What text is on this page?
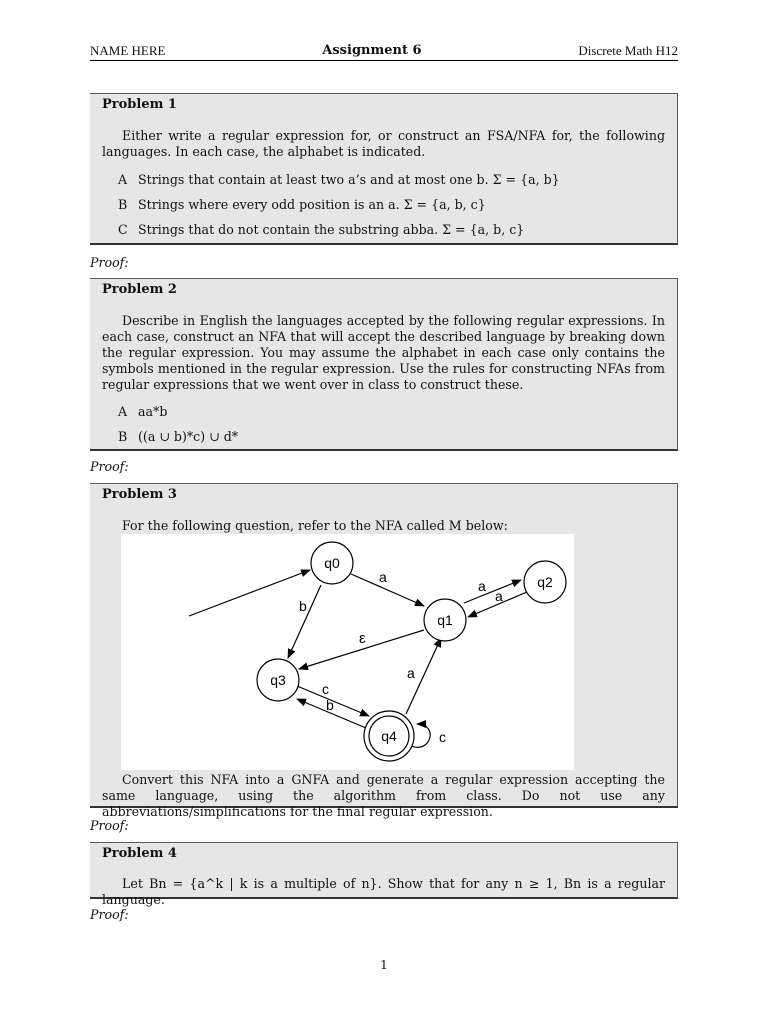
NAME HERE	Assignment 6	Discrete Math H12
Problem 1

Either write a regular expression for, or construct an FSA/NFA for, the following languages. In each case, the alphabet is indicated.

A Strings that contain at least two a’s and at most one b. Σ = {a, b}
B Strings where every odd position is an a. Σ = {a, b, c}
C Strings that do not contain the substring abba. Σ = {a, b, c}
Proof:
Problem 2

Describe in English the languages accepted by the following regular expressions. In each case, construct an NFA that will accept the described language by breaking down the regular expression. You may assume the alphabet in each case only contains the symbols mentioned in the regular expression. Use the rules for constructing NFAs from regular expressions that we went over in class to construct these.

A aa*b
B ((a ∪ b)*c) ∪ d*
Proof:
Problem 3

For the following question, refer to the NFA called M below:

q0
q1
q2
q3
q4
a
a
a
b
ε
a
c
b
c

Convert this NFA into a GNFA and generate a regular expression accepting the same language, using the algorithm from class. Do not use any abbreviations/simplifications for the final regular expression.

Proof:
Problem 4

Let Bn = {a^k | k is a multiple of n}. Show that for any n ≥ 1, Bn is a regular language.

Proof:
1
